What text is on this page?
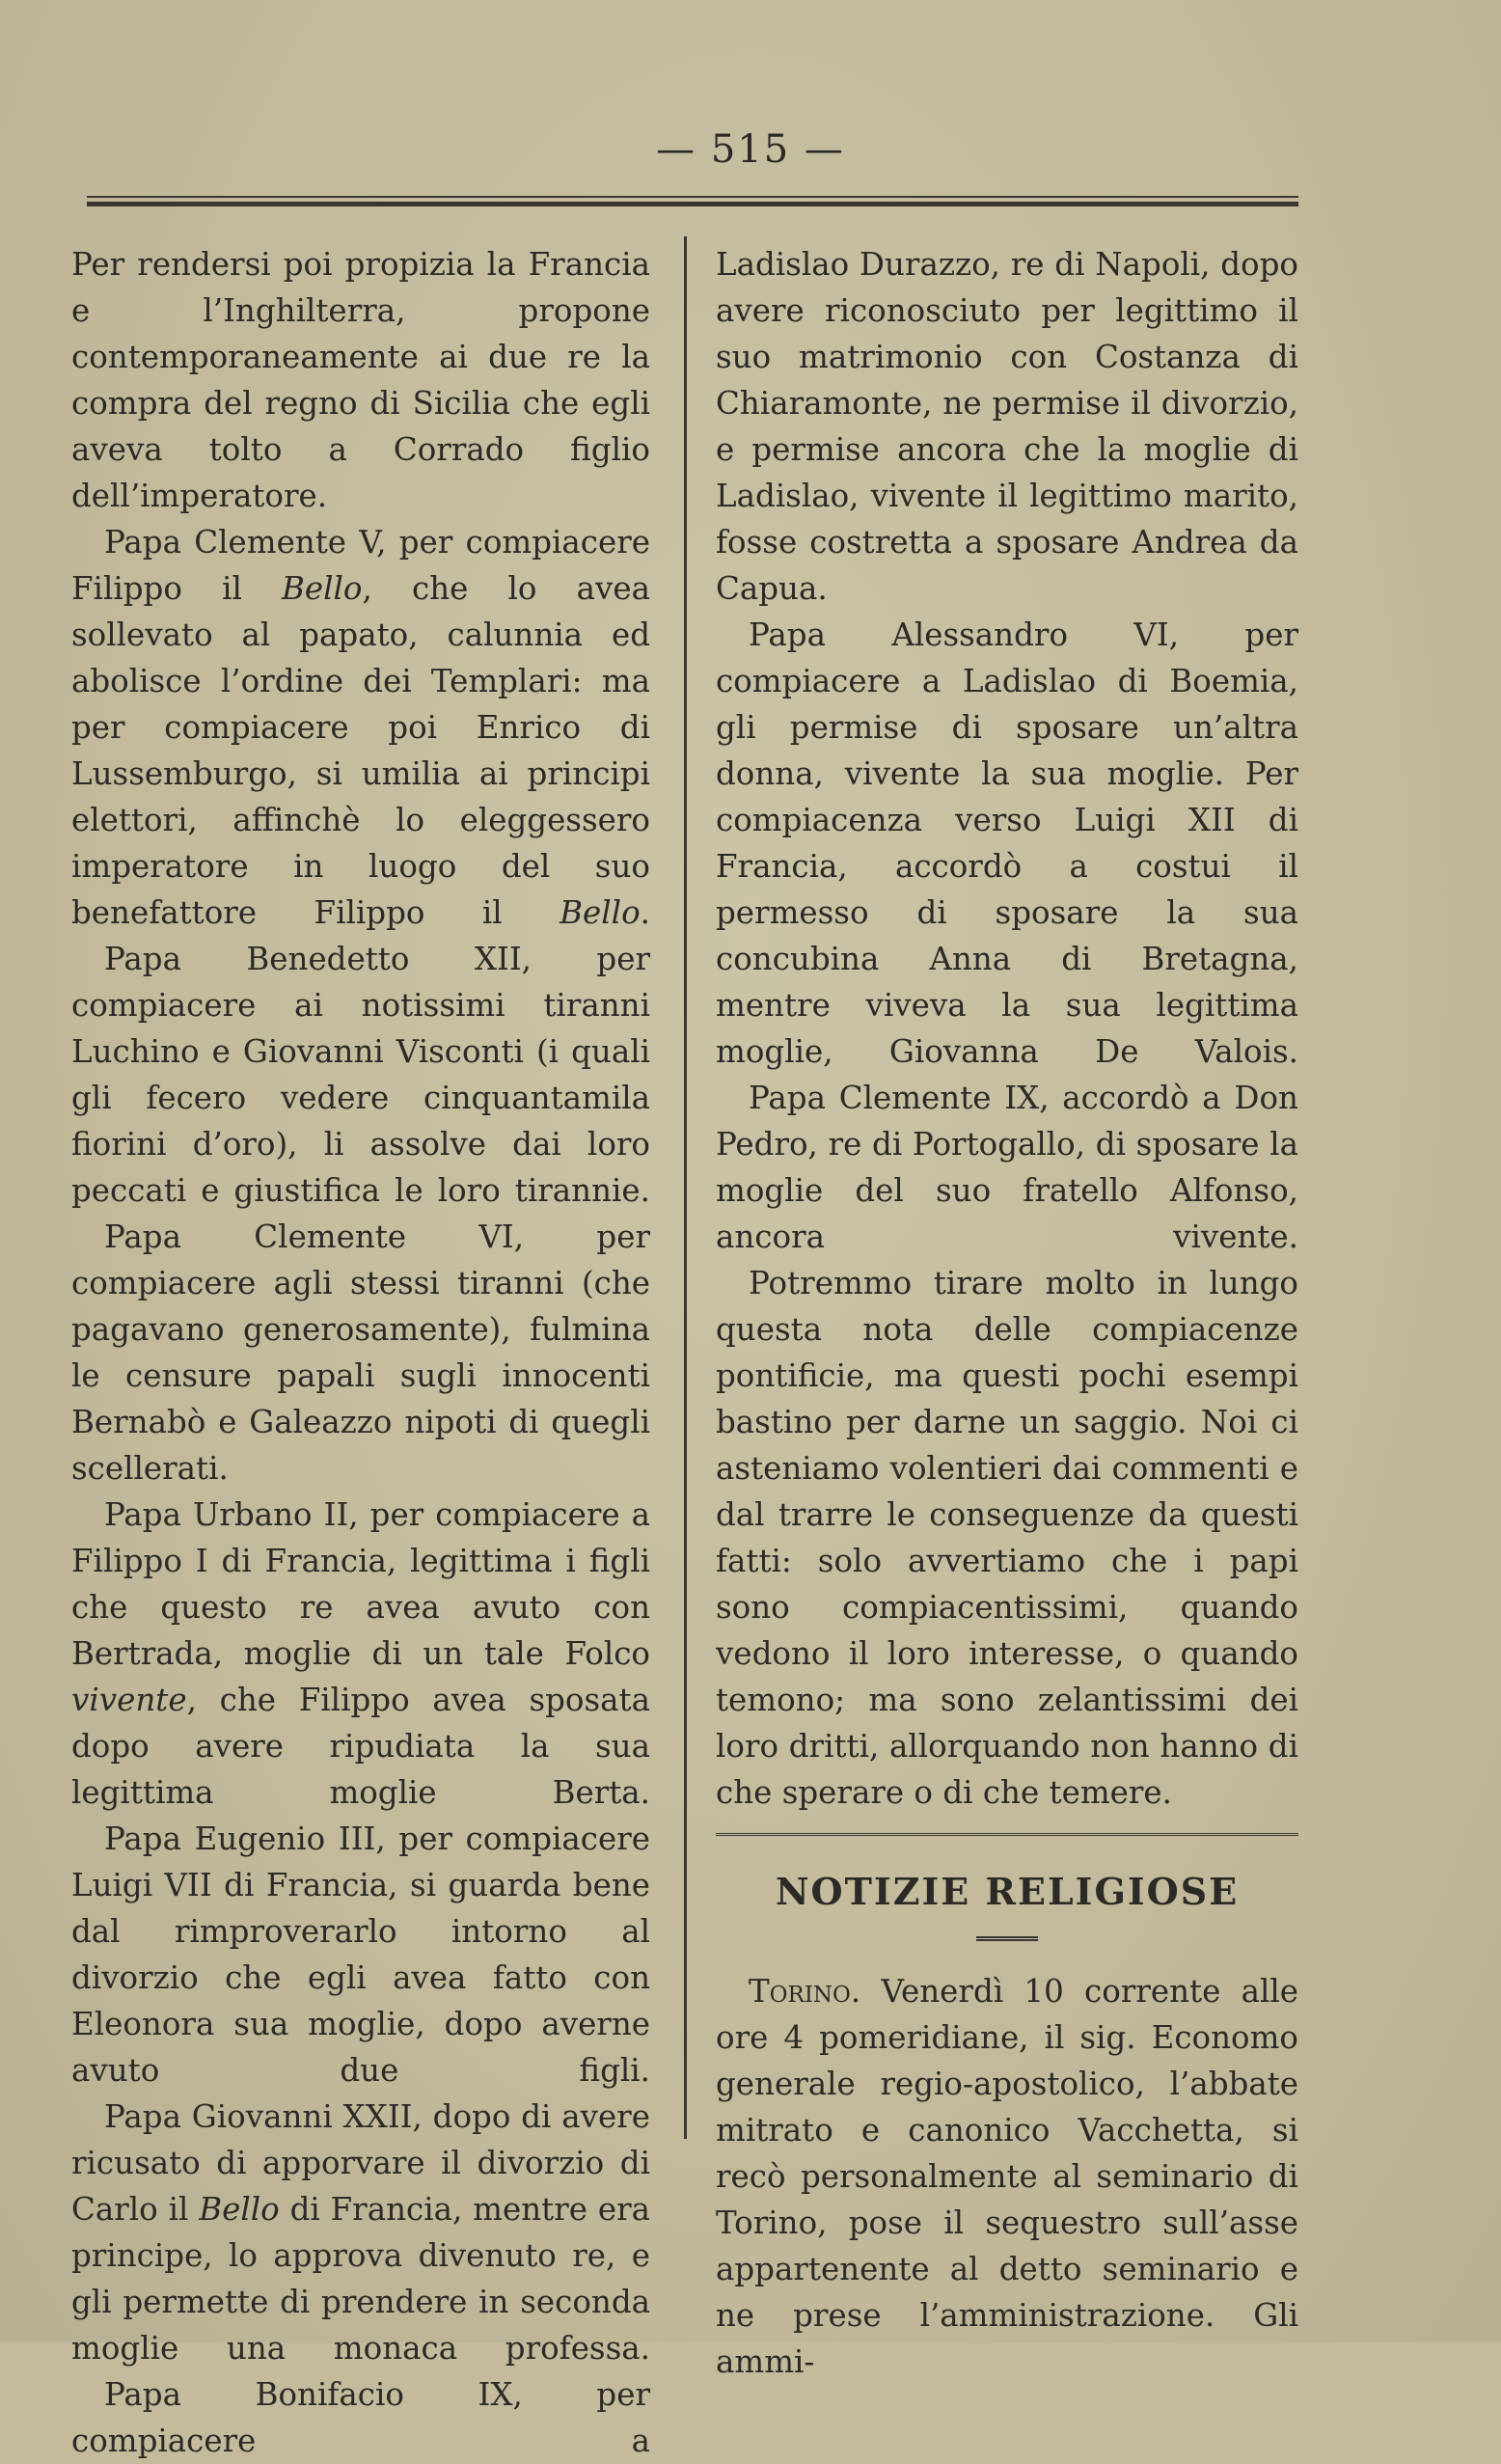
— 515 —

Per rendersi poi propizia la Francia e l’Inghilterra, propone contemporaneamente ai due re la compra del regno di Sicilia che egli aveva tolto a Corrado figlio dell’imperatore.

Papa Clemente V, per compiacere Filippo il Bello, che lo avea sollevato al papato, calunnia ed abolisce l’ordine dei Templari: ma per compiacere poi Enrico di Lussemburgo, si umilia ai principi elettori, affinchè lo eleggessero imperatore in luogo del suo benefattore Filippo il Bello.

Papa Benedetto XII, per compiacere ai notissimi tiranni Luchino e Giovanni Visconti (i quali gli fecero vedere cinquantamila fiorini d’oro), li assolve dai loro peccati e giustifica le loro tirannie.

Papa Clemente VI, per compiacere agli stessi tiranni (che pagavano generosamente), fulmina le censure papali sugli innocenti Bernabò e Galeazzo nipoti di quegli scellerati.

Papa Urbano II, per compiacere a Filippo I di Francia, legittima i figli che questo re avea avuto con Bertrada, moglie di un tale Folco vivente, che Filippo avea sposata dopo avere ripudiata la sua legittima moglie Berta.

Papa Eugenio III, per compiacere Luigi VII di Francia, si guarda bene dal rimproverarlo intorno al divorzio che egli avea fatto con Eleonora sua moglie, dopo averne avuto due figli.

Papa Giovanni XXII, dopo di avere ricusato di apporvare il divorzio di Carlo il Bello di Francia, mentre era principe, lo approva divenuto re, e gli permette di prendere in seconda moglie una monaca professa.

Papa Bonifacio IX, per compiacere a

Ladislao Durazzo, re di Napoli, dopo avere riconosciuto per legittimo il suo matrimonio con Costanza di Chiaramonte, ne permise il divorzio, e permise ancora che la moglie di Ladislao, vivente il legittimo marito, fosse costretta a sposare Andrea da Capua.

Papa Alessandro VI, per compiacere a Ladislao di Boemia, gli permise di sposare un’altra donna, vivente la sua moglie. Per compiacenza verso Luigi XII di Francia, accordò a costui il permesso di sposare la sua concubina Anna di Bretagna, mentre viveva la sua legittima moglie, Giovanna De Valois.

Papa Clemente IX, accordò a Don Pedro, re di Portogallo, di sposare la moglie del suo fratello Alfonso, ancora vivente.

Potremmo tirare molto in lungo questa nota delle compiacenze pontificie, ma questi pochi esempi bastino per darne un saggio. Noi ci asteniamo volentieri dai commenti e dal trarre le conseguenze da questi fatti: solo avvertiamo che i papi sono compiacentissimi, quando vedono il loro interesse, o quando temono; ma sono zelantissimi dei loro dritti, allorquando non hanno di che sperare o di che temere.

NOTIZIE RELIGIOSE

Torino. Venerdì 10 corrente alle ore 4 pomeridiane, il sig. Economo generale regio-apostolico, l’abbate mitrato e canonico Vacchetta, si recò personalmente al seminario di Torino, pose il sequestro sull’asse appartenente al detto seminario e ne prese l’amministrazione. Gli ammi-
